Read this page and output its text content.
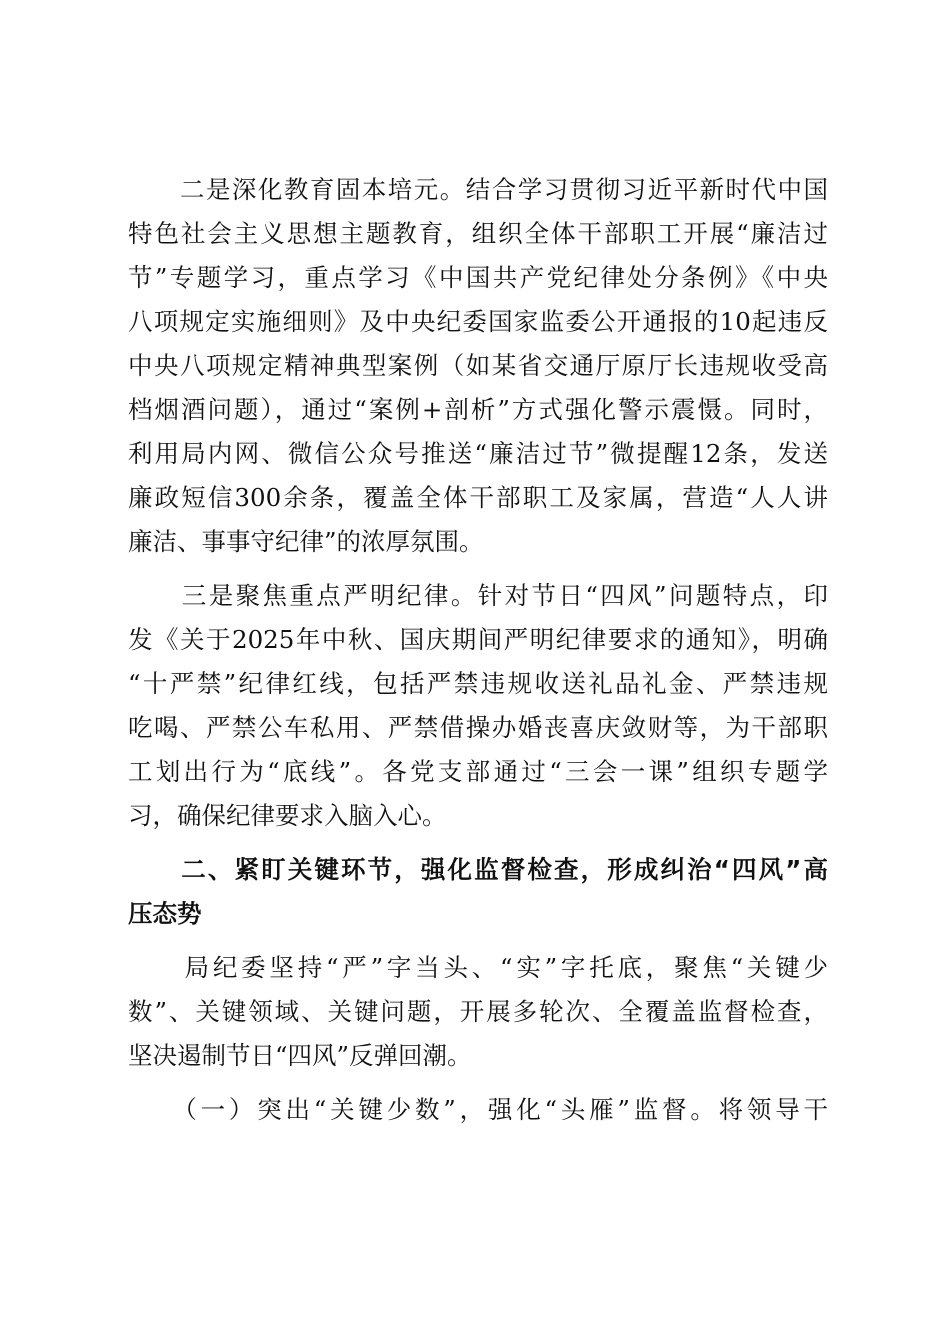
　　二是深化教育固本培元。结合学习贯彻习近平新时代中国
特色社会主义思想主题教育，组织全体干部职工开展“廉洁过
节”专题学习，重点学习《中国共产党纪律处分条例》《中央
八项规定实施细则》及中央纪委国家监委公开通报的10起违反
中央八项规定精神典型案例（如某省交通厅原厅长违规收受高
档烟酒问题），通过“案例+剖析”方式强化警示震慑。同时，
利用局内网、微信公众号推送“廉洁过节”微提醒12条，发送
廉政短信300余条，覆盖全体干部职工及家属，营造“人人讲
廉洁、事事守纪律”的浓厚氛围。
　　三是聚焦重点严明纪律。针对节日“四风”问题特点，印
发《关于2025年中秋、国庆期间严明纪律要求的通知》，明确
“十严禁”纪律红线，包括严禁违规收送礼品礼金、严禁违规
吃喝、严禁公车私用、严禁借操办婚丧喜庆敛财等，为干部职
工划出行为“底线”。各党支部通过“三会一课”组织专题学
习，确保纪律要求入脑入心。
　　二、紧盯关键环节，强化监督检查，形成纠治“四风”高
压态势
　　局纪委坚持“严”字当头、“实”字托底，聚焦“关键少
数”、关键领域、关键问题，开展多轮次、全覆盖监督检查，
坚决遏制节日“四风”反弹回潮。
　　（一）突出“关键少数”，强化“头雁”监督。将领导干
